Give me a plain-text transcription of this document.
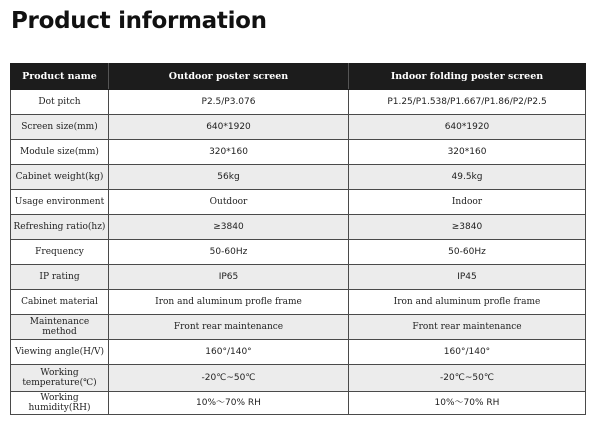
Product information
Product name	Outdoor poster screen	Indoor folding poster screen
Dot pitch	P2.5/P3.076	P1.25/P1.538/P1.667/P1.86/P2/P2.5
Screen size(mm)	640*1920	640*1920
Module size(mm)	320*160	320*160
Cabinet weight(kg)	56kg	49.5kg
Usage environment	Outdoor	Indoor
Refreshing ratio(hz)	≥3840	≥3840
Frequency	50-60Hz	50-60Hz
IP rating	IP65	IP45
Cabinet material	Iron and aluminum profle frame	Iron and aluminum profle frame
Maintenance method	Front rear maintenance	Front rear maintenance
Viewing angle(H/V)	160°/140°	160°/140°
Working temperature(℃)	-20℃~50℃	-20℃~50℃
Working humidity(RH)	10%～70% RH	10%～70% RH
